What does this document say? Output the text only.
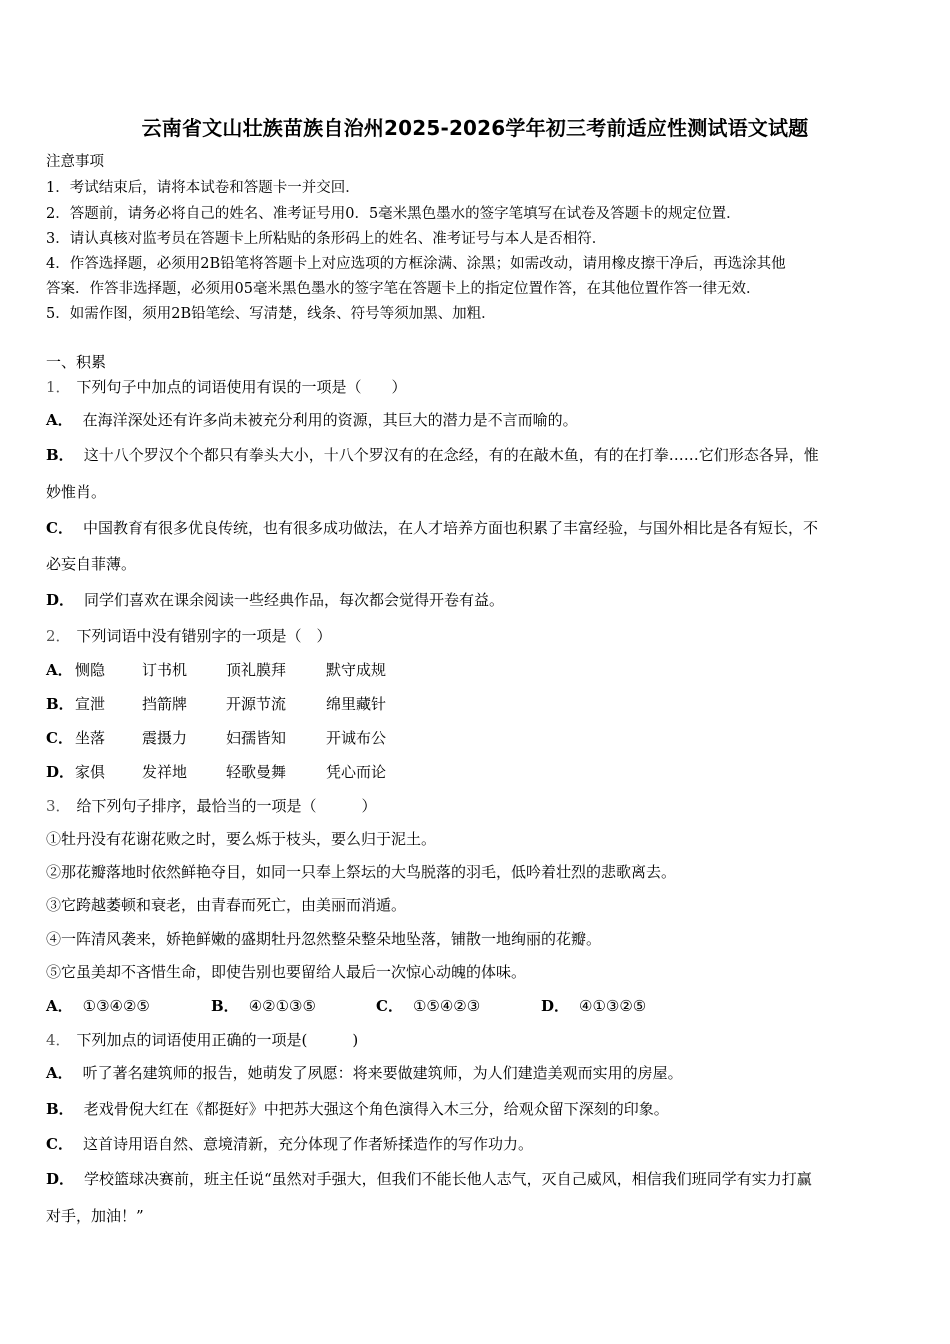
云南省文山壮族苗族自治州2025-2026学年初三考前适应性测试语文试题
注意事项
1．考试结束后，请将本试卷和答题卡一并交回．
2．答题前，请务必将自己的姓名、准考证号用0．5毫米黑色墨水的签字笔填写在试卷及答题卡的规定位置．
3．请认真核对监考员在答题卡上所粘贴的条形码上的姓名、准考证号与本人是否相符．
4．作答选择题，必须用2B铅笔将答题卡上对应选项的方框涂满、涂黑；如需改动，请用橡皮擦干净后，再选涂其他
答案．作答非选择题，必须用05毫米黑色墨水的签字笔在答题卡上的指定位置作答，在其他位置作答一律无效．
5．如需作图，须用2B铅笔绘、写清楚，线条、符号等须加黑、加粗．
一、积累
1． 下列句子中加点的词语使用有误的一项是（　　）
A． 在海洋深处还有许多尚未被充分利用的资源，其巨大的潜力是不言而喻的。
B． 这十八个罗汉个个都只有拳头大小，十八个罗汉有的在念经，有的在敲木鱼，有的在打拳……它们形态各异，惟
妙惟肖。
C． 中国教育有很多优良传统，也有很多成功做法，在人才培养方面也积累了丰富经验，与国外相比是各有短长，不
必妄自菲薄。
D． 同学们喜欢在课余阅读一些经典作品，每次都会觉得开卷有益。
2． 下列词语中没有错别字的一项是（　）
A． 恻隐 订书机	顶礼膜拜	默守成规
B． 宣泄 挡箭牌	开源节流	绵里藏针
C． 坐落 震摄力	妇孺皆知	开诚布公
D． 家俱 发祥地	轻歌曼舞	凭心而论
3． 给下列句子排序，最恰当的一项是（　　　）
①牡丹没有花谢花败之时，要么烁于枝头，要么归于泥土。
②那花瓣落地时依然鲜艳夺目，如同一只奉上祭坛的大鸟脱落的羽毛，低吟着壮烈的悲歌离去。
③它跨越萎顿和衰老，由青春而死亡，由美丽而消遁。
④一阵清风袭来，娇艳鲜嫩的盛期牡丹忽然整朵整朵地坠落，铺散一地绚丽的花瓣。
⑤它虽美却不吝惜生命，即使告别也要留给人最后一次惊心动魄的体味。
A． ①③④②⑤	B． ④②①③⑤	C． ①⑤④②③	D． ④①③②⑤
4． 下列加点的词语使用正确的一项是(　　　)
A． 听了著名建筑师的报告，她萌发了夙愿：将来要做建筑师，为人们建造美观而实用的房屋。
B． 老戏骨倪大红在《都挺好》中把苏大强这个角色演得入木三分，给观众留下深刻的印象。
C． 这首诗用语自然、意境清新，充分体现了作者矫揉造作的写作功力。
D． 学校篮球决赛前，班主任说“虽然对手强大，但我们不能长他人志气，灭自己威风，相信我们班同学有实力打赢
对手，加油！”
